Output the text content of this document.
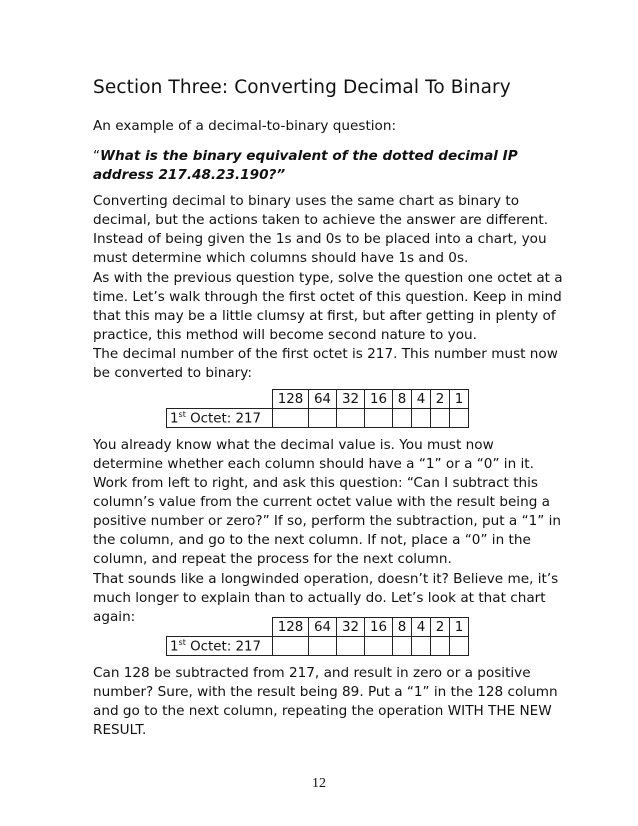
Section Three: Converting Decimal To Binary

An example of a decimal-to-binary question:

“What is the binary equivalent of the dotted decimal IP address 217.48.23.190?”

Converting decimal to binary uses the same chart as binary to decimal, but the actions taken to achieve the answer are different. Instead of being given the 1s and 0s to be placed into a chart, you must determine which columns should have 1s and 0s.

As with the previous question type, solve the question one octet at a time. Let’s walk through the first octet of this question. Keep in mind that this may be a little clumsy at first, but after getting in plenty of practice, this method will become second nature to you.

The decimal number of the first octet is 217. This number must now be converted to binary:

	128	64	32	16	8	4	2	1
1st Octet: 217								

You already know what the decimal value is. You must now determine whether each column should have a “1” or a “0” in it. Work from left to right, and ask this question: “Can I subtract this column’s value from the current octet value with the result being a positive number or zero?” If so, perform the subtraction, put a “1” in the column, and go to the next column. If not, place a “0” in the column, and repeat the process for the next column.

That sounds like a longwinded operation, doesn’t it? Believe me, it’s much longer to explain than to actually do. Let’s look at that chart again:

	128	64	32	16	8	4	2	1
1st Octet: 217								

Can 128 be subtracted from 217, and result in zero or a positive number? Sure, with the result being 89. Put a “1” in the 128 column and go to the next column, repeating the operation WITH THE NEW RESULT.

12
